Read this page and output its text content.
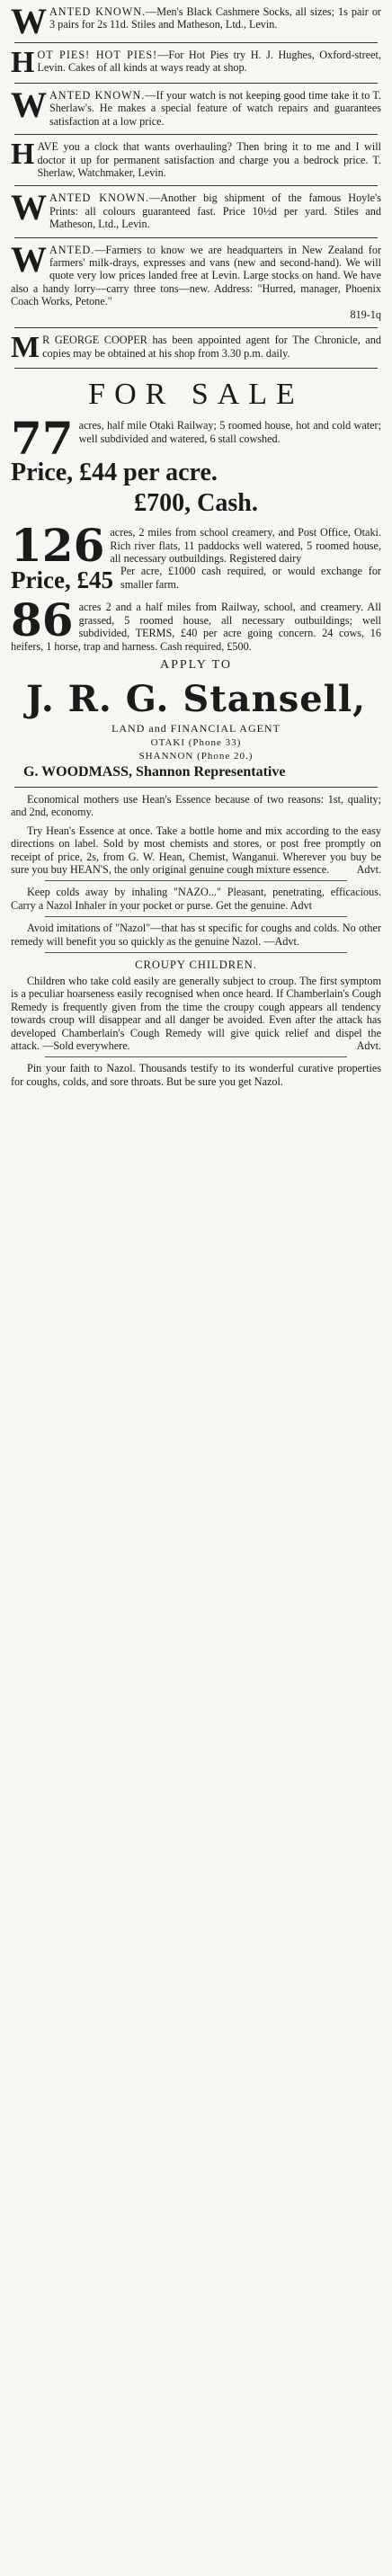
W ANTED KNOWN.—Men's Black Cashmere Socks, all sizes; 1s pair or 3 pairs for 2s 11d. Stiles and Matheson, Ltd., Levin.
H OT PIES! HOT PIES!—For Hot Pies try H. J. Hughes, Oxford-street, Levin. Cakes of all kinds at ways ready at shop.
W ANTED KNOWN.—If your watch is not keeping good time take it to T. Sherlaw's. He makes a special feature of watch repairs and guarantees satisfaction at a low price.
H AVE you a clock that wants overhauling? Then bring it to me and I will doctor it up for permanent satisfaction and charge you a bedrock price. T. Sherlaw, Watchmaker, Levin.
W ANTED KNOWN.—Another big shipment of the famous Hoyle's Prints: all colours guaranteed fast. Price 10½d per yard. Stiles and Matheson, Ltd., Levin.
W ANTED.—Farmers to know we are headquarters in New Zealand for farmers' milk-drays, expresses and vans (new and second-hand). We will quote very low prices landed free at Levin. Large stocks on hand. We have also a handy lorry—carry three tons—new. Address: "Hurred, manager, Phoenix Coach Works, Petone."
819-1q
M R GEORGE COOPER has been appointed agent for The Chronicle, and copies may be obtained at his shop from 3.30 p.m. daily.
FOR SALE
77 acres, half mile Otaki Railway; 5 roomed house, hot and cold water; well subdivided and watered, 6 stall cowshed.
Price, £44 per acre.
£700, Cash.
126 acres, 2 miles from school creamery, and Post Office, Otaki. Rich river flats, 11 paddocks well watered, 5 roomed house, all necessary outbuildings. Registered dairy
Price, £45 Per acre, £1000 cash required, or would exchange for smaller farm.
86 acres 2 and a half miles from Railway, school, and creamery. All grassed, 5 roomed house, all necessary outbuildings; well subdivided, TERMS, £40 per acre going concern. 24 cows, 16 heifers, 1 horse, trap and harness. Cash required, £500.
APPLY TO
J. R. G. Stansell,
LAND and FINANCIAL AGENT
OTAKI (Phone 33)
SHANNON (Phone 20.)
G. WOODMASS, Shannon Representative
Economical mothers use Hean's Essence because of two reasons: 1st, quality; and 2nd, economy.
Try Hean's Essence at once. Take a bottle home and mix according to the easy directions on label. Sold by most chemists and stores, or post free promptly on receipt of price, 2s, from G. W. Hean, Chemist, Wanganui. Wherever you buy be sure you buy HEAN'S, the only original genuine cough mixture essence.	Advt.
Keep colds away by inhaling "NAZO..." Pleasant, penetrating, efficacious. Carry a Nazol Inhaler in your pocket or purse. Get the genuine. Advt
Avoid imitations of "Nazol"—that has st specific for coughs and colds. No other remedy will benefit you so quickly as the genuine Nazol. —Advt.
CROUPY CHILDREN.
Children who take cold easily are generally subject to croup. The first symptom is a peculiar hoarseness easily recognised when once heard. If Chamberlain's Cough Remedy is frequently given from the time the croupy cough appears all tendency towards croup will disappear and all danger be avoided. Even after the attack has developed Chamberlain's Cough Remedy will give quick relief and dispel the attack. —Sold everywhere.	Advt.
Pin your faith to Nazol. Thousands testify to its wonderful curative properties for coughs, colds, and sore throats. But be sure you get Nazol.
